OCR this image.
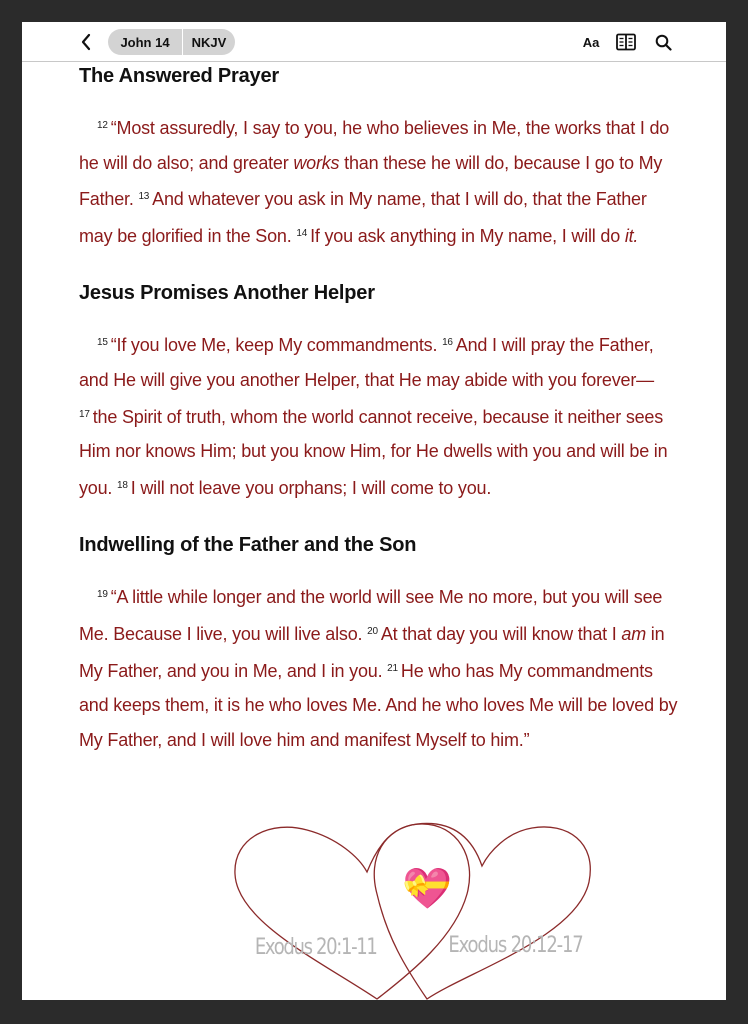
John 14	NKJV	Aa
The Answered Prayer

$^{12}$ “Most assuredly, I say to you, he who believes in Me, the works that I do he will do also; and greater works than these he will do, because I go to My Father. $^{13}$ And whatever you ask in My name, that I will do, that the Father may be glorified in the Son. $^{14}$ If you ask anything in My name, I will do it.

Jesus Promises Another Helper

$^{15}$ “If you love Me, keep My commandments. $^{16}$ And I will pray the Father, and He will give you another Helper, that He may abide with you forever— $^{17}$ the Spirit of truth, whom the world cannot receive, because it neither sees Him nor knows Him; but you know Him, for He dwells with you and will be in you. $^{18}$ I will not leave you orphans; I will come to you.

Indwelling of the Father and the Son

$^{19}$ “A little while longer and the world will see Me no more, but you will see Me. Because I live, you will live also. $^{20}$ At that day you will know that I am in My Father, and you in Me, and I in you. $^{21}$ He who has My commandments and keeps them, it is he who loves Me. And he who loves Me will be loved by My Father, and I will love him and manifest Myself to him.”

Exodus 20:1-11	Exodus 20:12-17
💝
